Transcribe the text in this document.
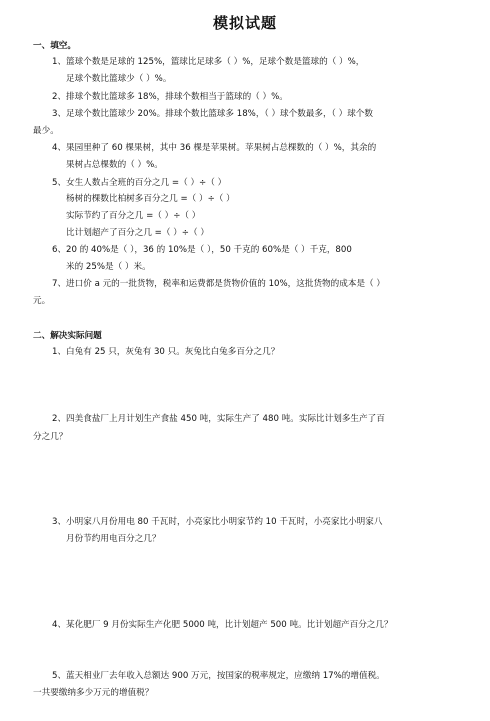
模拟试题
一、填空。
1、篮球个数是足球的 125%，篮球比足球多（ ）%，足球个数是篮球的（ ）%，
足球个数比篮球少（ ）%。
2、排球个数比篮球多 18%，排球个数相当于篮球的（ ）%。
3、足球个数比篮球少 20%。排球个数比篮球多 18%，（ ）球个数最多，（ ）球个数
最少。
4、果园里种了 60 棵果树，其中 36 棵是苹果树。苹果树占总棵数的（ ）%，其余的
果树占总棵数的（ ）%。
5、女生人数占全班的百分之几 =（ ）÷（ ）
杨树的棵数比柏树多百分之几 =（ ）÷（ ）
实际节约了百分之几 =（ ）÷（ ）
比计划超产了百分之几 =（ ）÷（ ）
6、20 的 40%是（ ），36 的 10%是（ ），50 千克的 60%是（ ）千克，800
米的 25%是（ ）米。
7、进口价 a 元的一批货物，税率和运费都是货物价值的 10%，这批货物的成本是（ ）
元。
二、解决实际问题
1、白兔有 25 只，灰兔有 30 只。灰兔比白兔多百分之几？
2、四美食盐厂上月计划生产食盐 450 吨，实际生产了 480 吨。实际比计划多生产了百
分之几？
3、小明家八月份用电 80 千瓦时，小亮家比小明家节约 10 千瓦时，小亮家比小明家八
月份节约用电百分之几？
4、某化肥厂 9 月份实际生产化肥 5000 吨，比计划超产 500 吨。比计划超产百分之几？
5、蓝天相业厂去年收入总额达 900 万元，按国家的税率规定，应缴纳 17%的增值税。
一共要缴纳多少万元的增值税？
